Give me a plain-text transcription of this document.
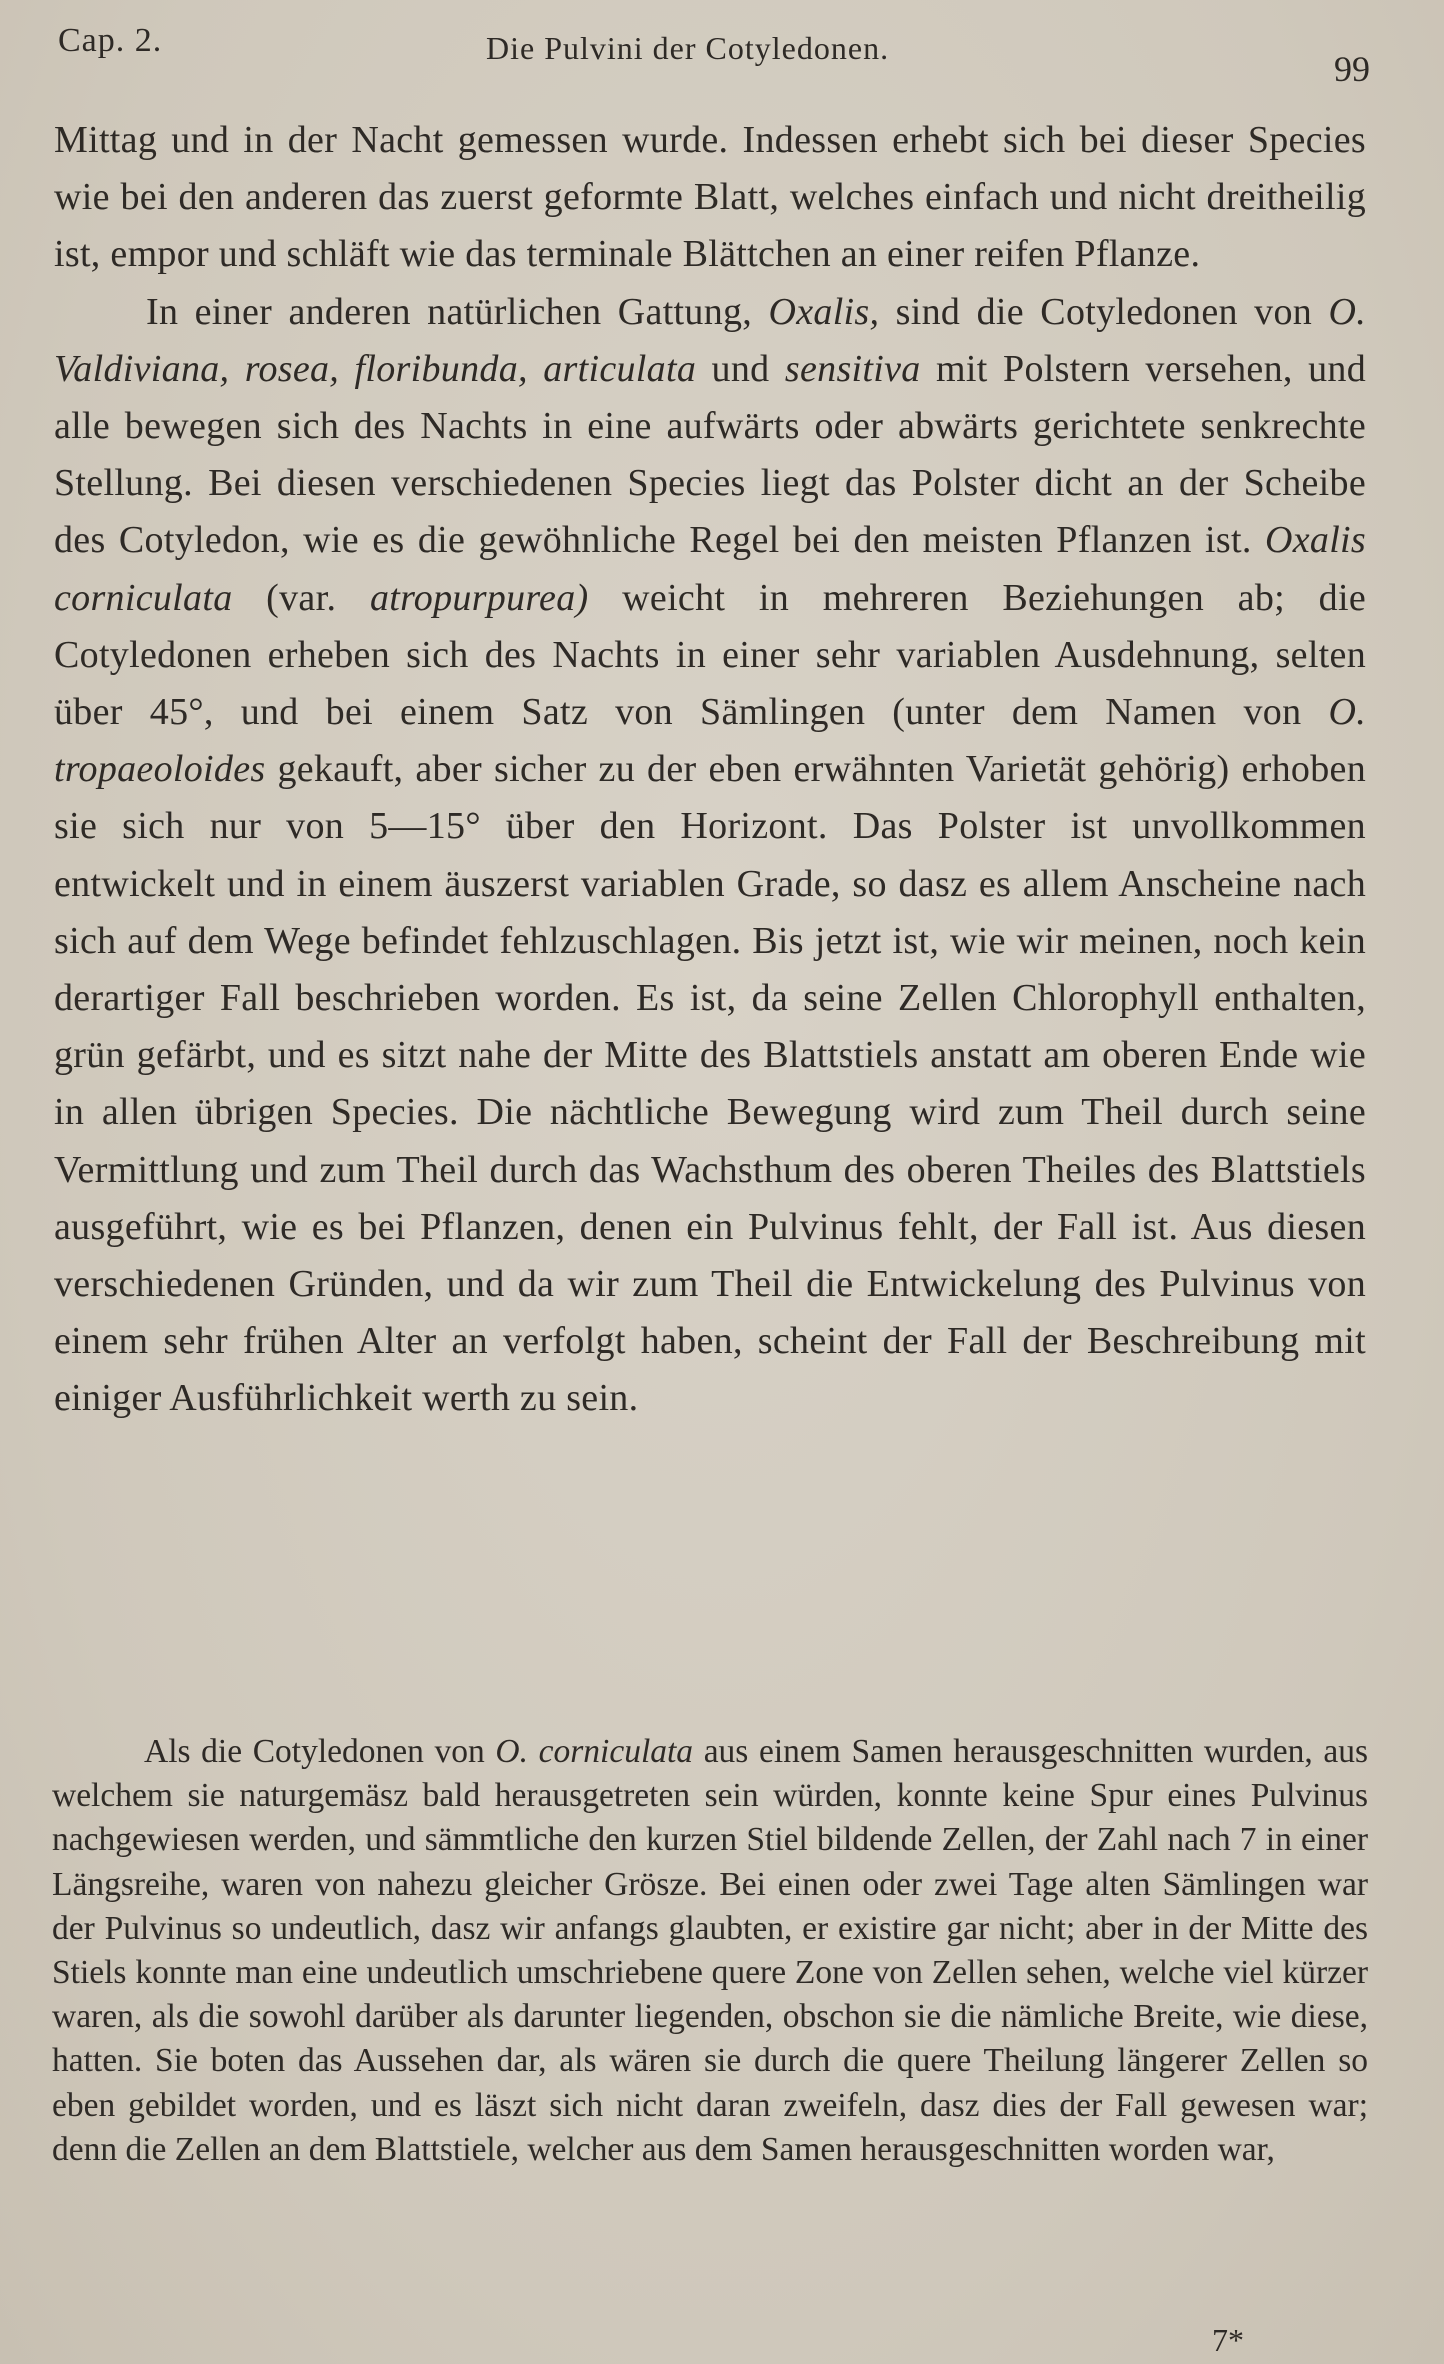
Cap. 2.	Die Pulvini der Cotyledonen.
99

Mittag und in der Nacht gemessen wurde. Indessen erhebt sich bei dieser Species wie bei den anderen das zuerst geformte Blatt, welches einfach und nicht dreitheilig ist, empor und schläft wie das terminale Blättchen an einer reifen Pflanze.

In einer anderen natürlichen Gattung, Oxalis, sind die Cotyledonen von O. Valdiviana, rosea, floribunda, articulata und sensitiva mit Polstern versehen, und alle bewegen sich des Nachts in eine aufwärts oder abwärts gerichtete senkrechte Stellung. Bei diesen verschiedenen Species liegt das Polster dicht an der Scheibe des Cotyledon, wie es die gewöhnliche Regel bei den meisten Pflanzen ist. Oxalis corniculata (var. atropurpurea) weicht in mehreren Beziehungen ab; die Cotyledonen erheben sich des Nachts in einer sehr variablen Ausdehnung, selten über 45°, und bei einem Satz von Sämlingen (unter dem Namen von O. tropaeoloides gekauft, aber sicher zu der eben erwähnten Varietät gehörig) erhoben sie sich nur von 5—15° über den Horizont. Das Polster ist unvollkommen entwickelt und in einem äuszerst variablen Grade, so dasz es allem Anscheine nach sich auf dem Wege befindet fehlzuschlagen. Bis jetzt ist, wie wir meinen, noch kein derartiger Fall beschrieben worden. Es ist, da seine Zellen Chlorophyll enthalten, grün gefärbt, und es sitzt nahe der Mitte des Blattstiels anstatt am oberen Ende wie in allen übrigen Species. Die nächtliche Bewegung wird zum Theil durch seine Vermittlung und zum Theil durch das Wachsthum des oberen Theiles des Blattstiels ausgeführt, wie es bei Pflanzen, denen ein Pulvinus fehlt, der Fall ist. Aus diesen verschiedenen Gründen, und da wir zum Theil die Entwickelung des Pulvinus von einem sehr frühen Alter an verfolgt haben, scheint der Fall der Beschreibung mit einiger Ausführlichkeit werth zu sein.

Als die Cotyledonen von O. corniculata aus einem Samen herausgeschnitten wurden, aus welchem sie naturgemäsz bald herausgetreten sein würden, konnte keine Spur eines Pulvinus nachgewiesen werden, und sämmtliche den kurzen Stiel bildende Zellen, der Zahl nach 7 in einer Längsreihe, waren von nahezu gleicher Grösze. Bei einen oder zwei Tage alten Sämlingen war der Pulvinus so undeutlich, dasz wir anfangs glaubten, er existire gar nicht; aber in der Mitte des Stiels konnte man eine undeutlich umschriebene quere Zone von Zellen sehen, welche viel kürzer waren, als die sowohl darüber als darunter liegenden, obschon sie die nämliche Breite, wie diese, hatten. Sie boten das Aussehen dar, als wären sie durch die quere Theilung längerer Zellen so eben gebildet worden, und es läszt sich nicht daran zweifeln, dasz dies der Fall gewesen war; denn die Zellen an dem Blattstiele, welcher aus dem Samen herausgeschnitten worden war,

7*
